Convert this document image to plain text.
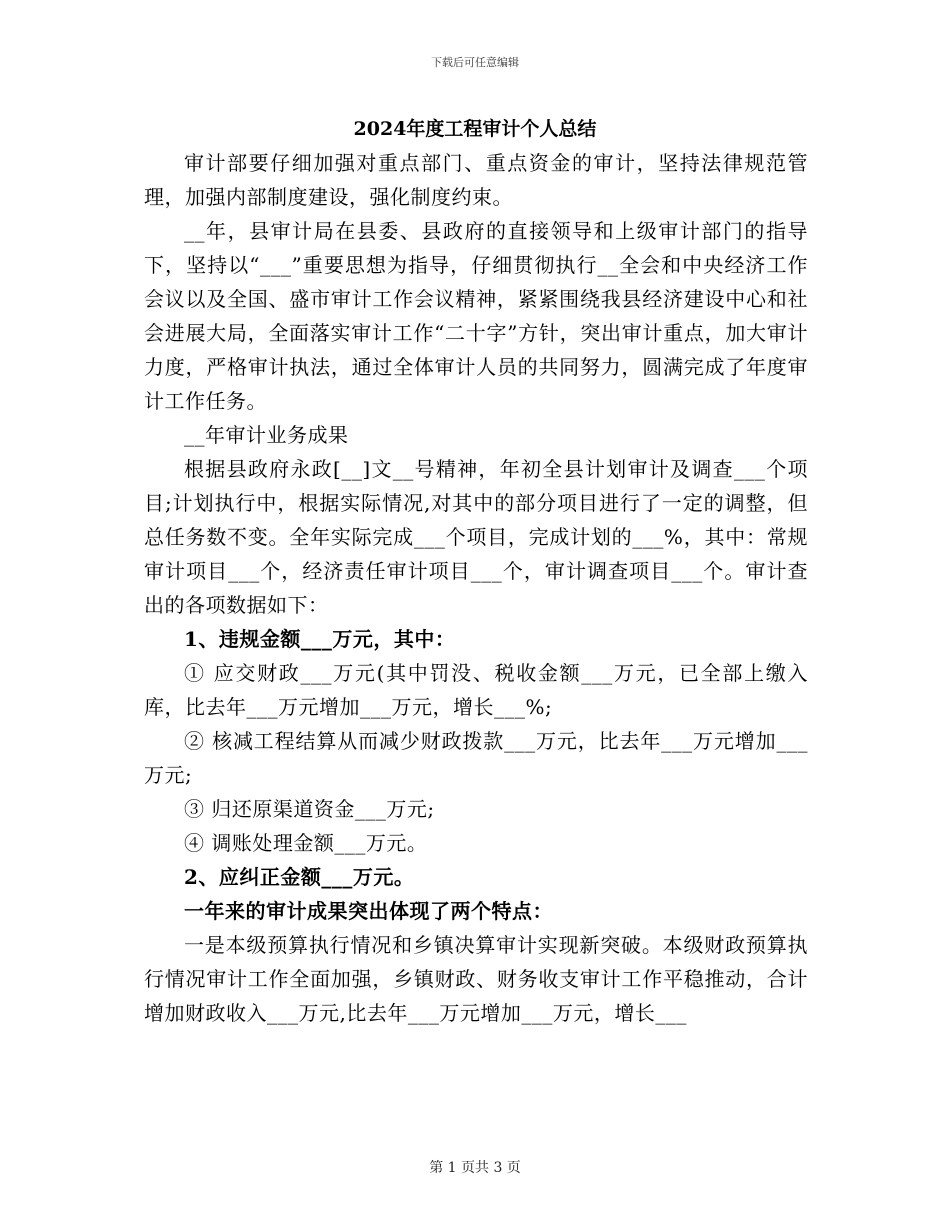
下载后可任意编辑
2024年度工程审计个人总结

审计部要仔细加强对重点部门、重点资金的审计，坚持法律规范管理，加强内部制度建设，强化制度约束。

__年，县审计局在县委、县政府的直接领导和上级审计部门的指导下，坚持以“___”重要思想为指导，仔细贯彻执行__全会和中央经济工作会议以及全国、盛市审计工作会议精神，紧紧围绕我县经济建设中心和社会进展大局，全面落实审计工作“二十字”方针，突出审计重点，加大审计力度，严格审计执法，通过全体审计人员的共同努力，圆满完成了年度审计工作任务。

__年审计业务成果

根据县政府永政[__]文__号精神，年初全县计划审计及调查___个项目;计划执行中，根据实际情况,对其中的部分项目进行了一定的调整，但总任务数不变。全年实际完成___个项目，完成计划的___%，其中：常规审计项目___个，经济责任审计项目___个，审计调查项目___个。审计查出的各项数据如下：

1、违规金额___万元，其中：

① 应交财政___万元(其中罚没、税收金额___万元，已全部上缴入库，比去年___万元增加___万元，增长___%;

② 核减工程结算从而减少财政拨款___万元，比去年___万元增加___万元;

③ 归还原渠道资金___万元;

④ 调账处理金额___万元。

2、应纠正金额___万元。

一年来的审计成果突出体现了两个特点：

一是本级预算执行情况和乡镇决算审计实现新突破。本级财政预算执行情况审计工作全面加强，乡镇财政、财务收支审计工作平稳推动，合计增加财政收入___万元,比去年___万元增加___万元，增长___

第 1 页共 3 页
